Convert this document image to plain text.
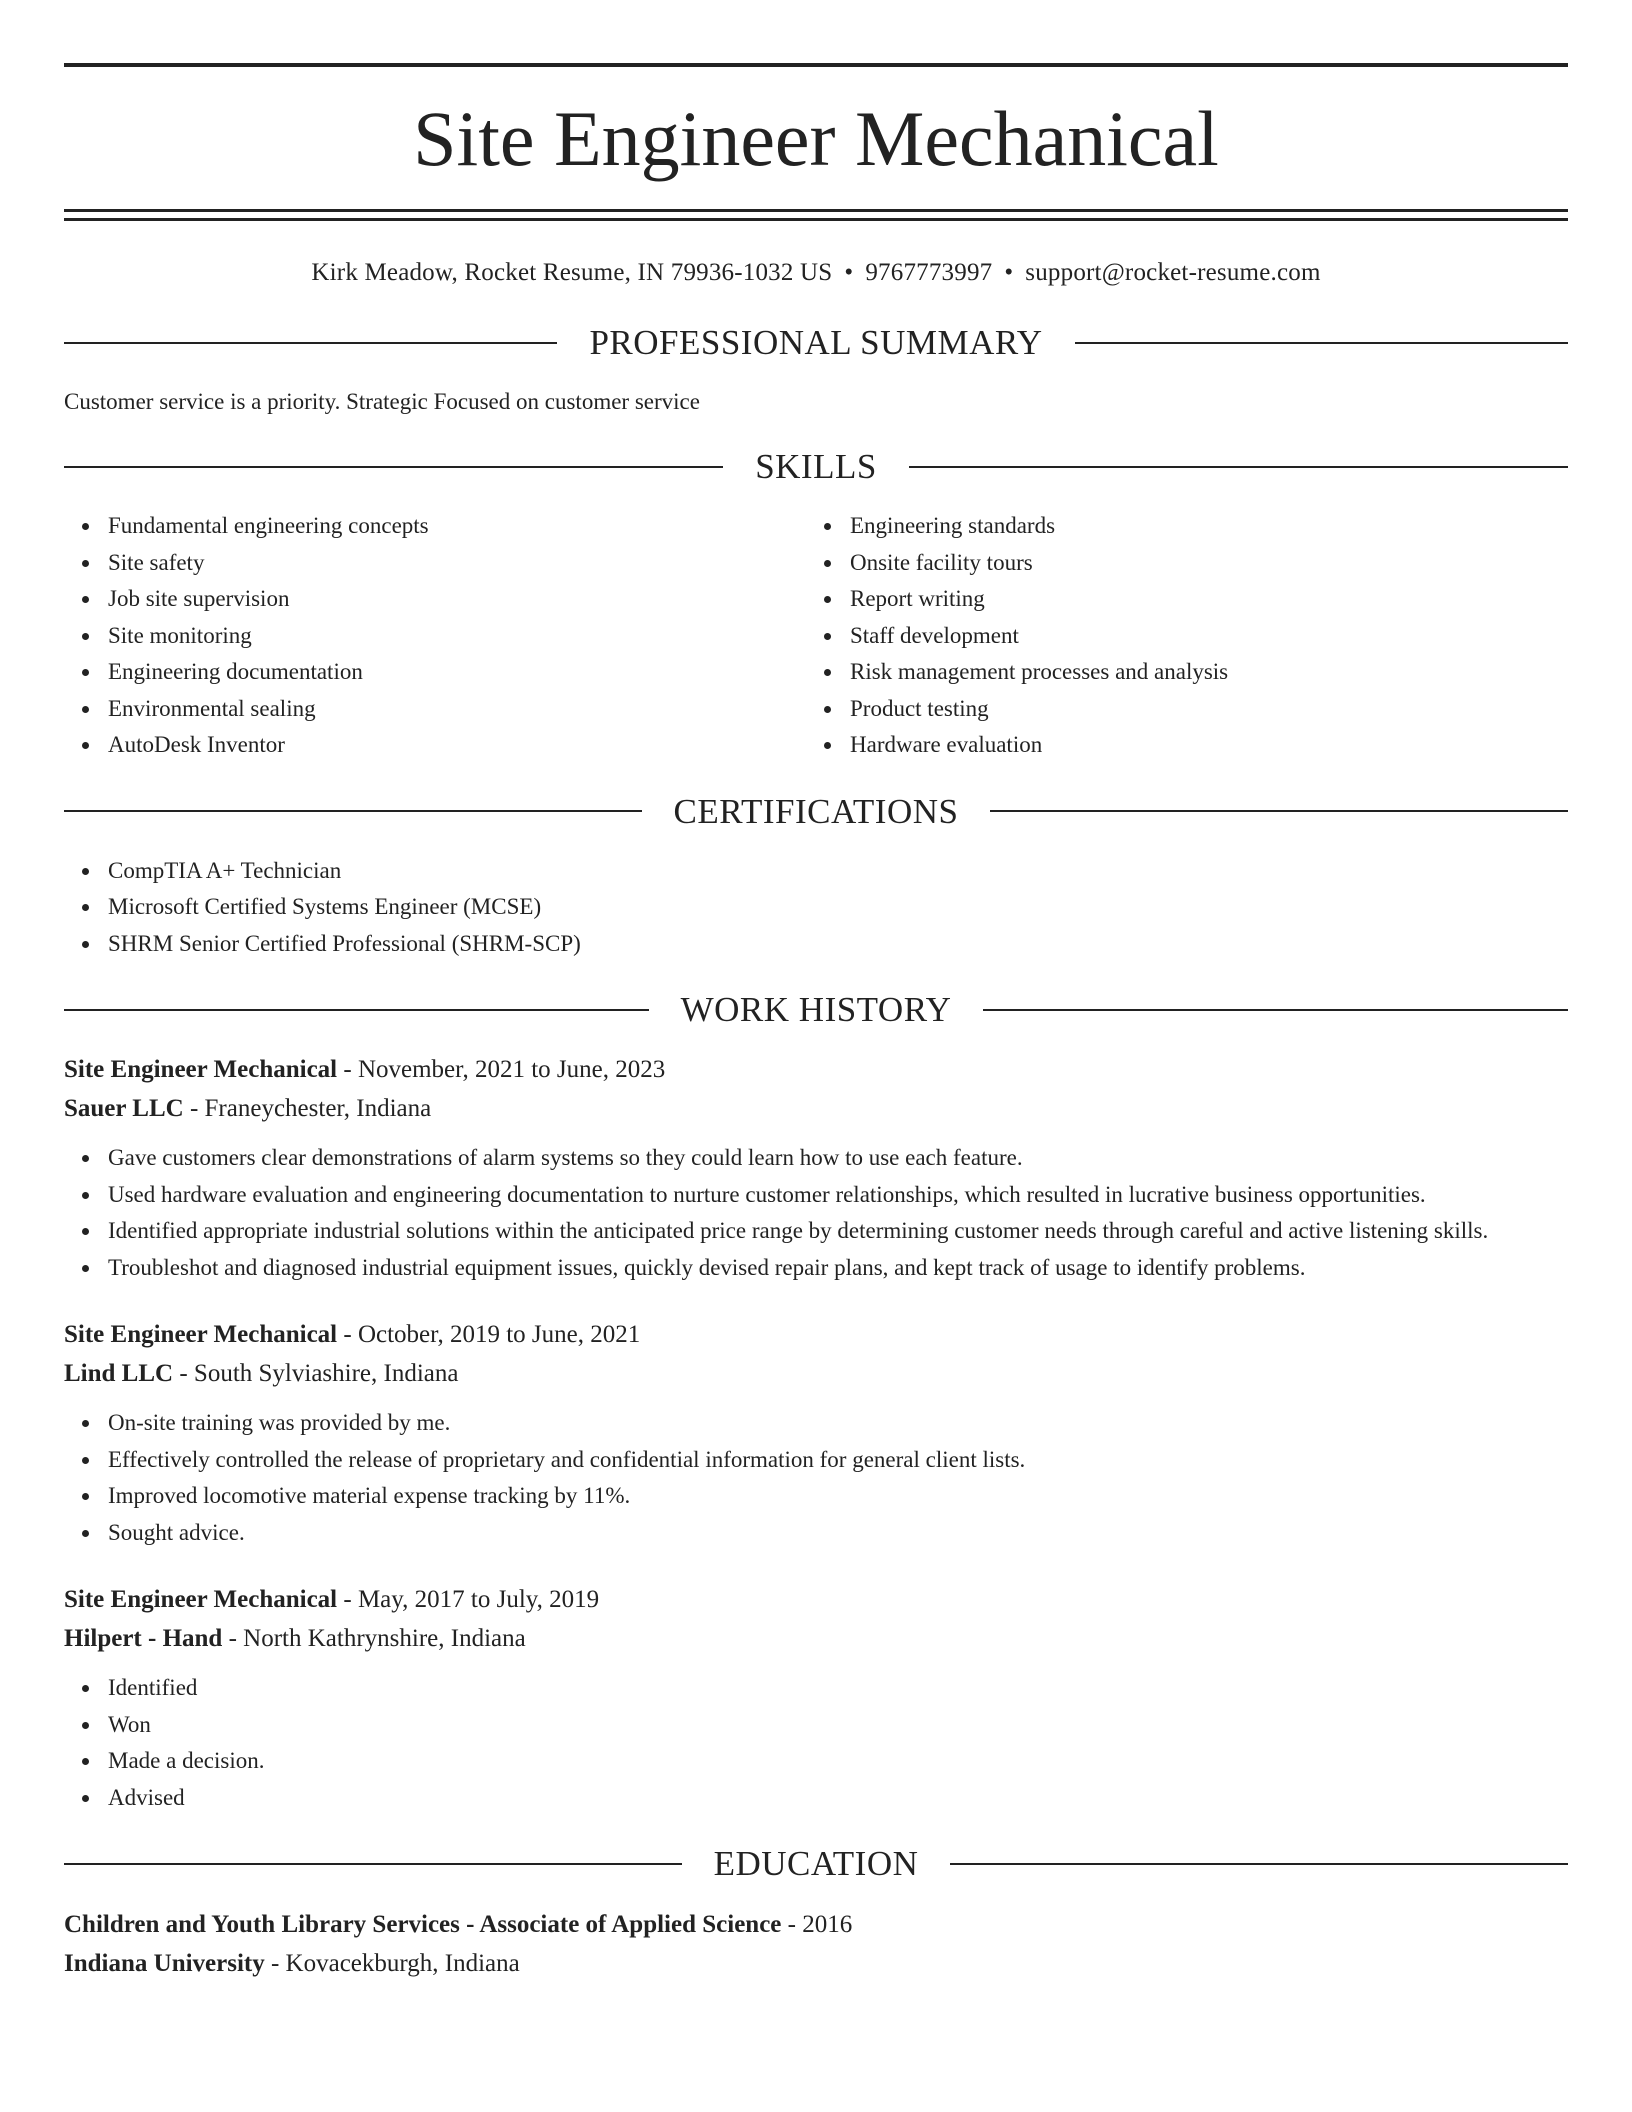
Site Engineer Mechanical
Kirk Meadow, Rocket Resume, IN 79936-1032 US • 9767773997 • support@rocket-resume.com
PROFESSIONAL SUMMARY
Customer service is a priority. Strategic Focused on customer service
SKILLS
Fundamental engineering concepts
Site safety
Job site supervision
Site monitoring
Engineering documentation
Environmental sealing
AutoDesk Inventor
Engineering standards
Onsite facility tours
Report writing
Staff development
Risk management processes and analysis
Product testing
Hardware evaluation
CERTIFICATIONS
CompTIA A+ Technician
Microsoft Certified Systems Engineer (MCSE)
SHRM Senior Certified Professional (SHRM-SCP)
WORK HISTORY
Site Engineer Mechanical - November, 2021 to June, 2023
Sauer LLC - Franeychester, Indiana
Gave customers clear demonstrations of alarm systems so they could learn how to use each feature.
Used hardware evaluation and engineering documentation to nurture customer relationships, which resulted in lucrative business opportunities.
Identified appropriate industrial solutions within the anticipated price range by determining customer needs through careful and active listening skills.
Troubleshot and diagnosed industrial equipment issues, quickly devised repair plans, and kept track of usage to identify problems.
Site Engineer Mechanical - October, 2019 to June, 2021
Lind LLC - South Sylviashire, Indiana
On-site training was provided by me.
Effectively controlled the release of proprietary and confidential information for general client lists.
Improved locomotive material expense tracking by 11%.
Sought advice.
Site Engineer Mechanical - May, 2017 to July, 2019
Hilpert - Hand - North Kathrynshire, Indiana
Identified
Won
Made a decision.
Advised
EDUCATION
Children and Youth Library Services - Associate of Applied Science - 2016
Indiana University - Kovacekburgh, Indiana
